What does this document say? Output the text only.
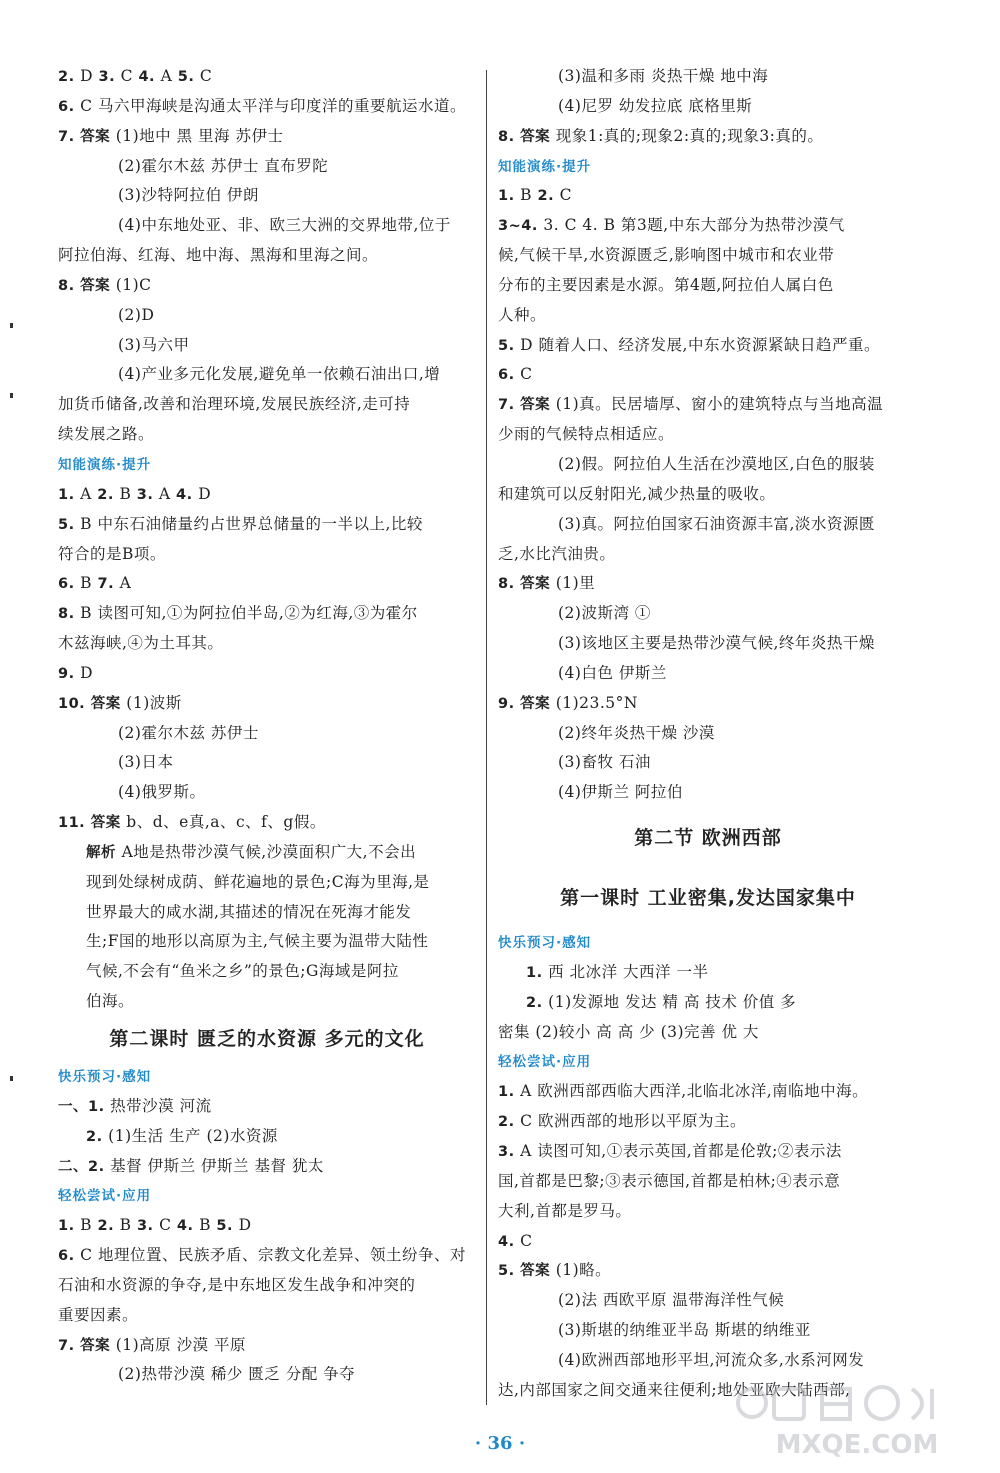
2. D 3. C 4. A 5. C
6. C 马六甲海峡是沟通太平洋与印度洋的重要航运水道。
7. 答案 (1)地中 黑 里海 苏伊士
(2)霍尔木兹 苏伊士 直布罗陀
(3)沙特阿拉伯 伊朗
(4)中东地处亚、非、欧三大洲的交界地带,位于
阿拉伯海、红海、地中海、黑海和里海之间。
8. 答案 (1)C
(2)D
(3)马六甲
(4)产业多元化发展,避免单一依赖石油出口,增
加货币储备,改善和治理环境,发展民族经济,走可持
续发展之路。
知能演练·提升
1. A 2. B 3. A 4. D
5. B 中东石油储量约占世界总储量的一半以上,比较
符合的是B项。
6. B 7. A
8. B 读图可知,①为阿拉伯半岛,②为红海,③为霍尔
木兹海峡,④为土耳其。
9. D
10. 答案 (1)波斯
(2)霍尔木兹 苏伊士
(3)日本
(4)俄罗斯。
11. 答案 b、d、e真,a、c、f、g假。
解析 A地是热带沙漠气候,沙漠面积广大,不会出
现到处绿树成荫、鲜花遍地的景色;C海为里海,是
世界最大的咸水湖,其描述的情况在死海才能发
生;F国的地形以高原为主,气候主要为温带大陆性
气候,不会有“鱼米之乡”的景色;G海域是阿拉
伯海。
第二课时 匮乏的水资源 多元的文化
快乐预习·感知
一、1. 热带沙漠 河流
2. (1)生活 生产 (2)水资源
二、2. 基督 伊斯兰 伊斯兰 基督 犹太
轻松尝试·应用
1. B 2. B 3. C 4. B 5. D
6. C 地理位置、民族矛盾、宗教文化差异、领土纷争、对
石油和水资源的争夺,是中东地区发生战争和冲突的
重要因素。
7. 答案 (1)高原 沙漠 平原
(2)热带沙漠 稀少 匮乏 分配 争夺
(3)温和多雨 炎热干燥 地中海
(4)尼罗 幼发拉底 底格里斯
8. 答案 现象1:真的;现象2:真的;现象3:真的。
知能演练·提升
1. B 2. C
3~4. 3. C 4. B 第3题,中东大部分为热带沙漠气
候,气候干旱,水资源匮乏,影响图中城市和农业带
分布的主要因素是水源。第4题,阿拉伯人属白色
人种。
5. D 随着人口、经济发展,中东水资源紧缺日趋严重。
6. C
7. 答案 (1)真。民居墙厚、窗小的建筑特点与当地高温
少雨的气候特点相适应。
(2)假。阿拉伯人生活在沙漠地区,白色的服装
和建筑可以反射阳光,减少热量的吸收。
(3)真。阿拉伯国家石油资源丰富,淡水资源匮
乏,水比汽油贵。
8. 答案 (1)里
(2)波斯湾 ①
(3)该地区主要是热带沙漠气候,终年炎热干燥
(4)白色 伊斯兰
9. 答案 (1)23.5°N
(2)终年炎热干燥 沙漠
(3)畜牧 石油
(4)伊斯兰 阿拉伯
第二节 欧洲西部
第一课时 工业密集,发达国家集中
快乐预习·感知
1. 西 北冰洋 大西洋 一半
2. (1)发源地 发达 精 高 技术 价值 多
密集 (2)较小 高 高 少 (3)完善 优 大
轻松尝试·应用
1. A 欧洲西部西临大西洋,北临北冰洋,南临地中海。
2. C 欧洲西部的地形以平原为主。
3. A 读图可知,①表示英国,首都是伦敦;②表示法
国,首都是巴黎;③表示德国,首都是柏林;④表示意
大利,首都是罗马。
4. C
5. 答案 (1)略。
(2)法 西欧平原 温带海洋性气候
(3)斯堪的纳维亚半岛 斯堪的纳维亚
(4)欧洲西部地形平坦,河流众多,水系河网发
达,内部国家之间交通来往便利;地处亚欧大陆西部,
· 36 ·	MXQE.COM
